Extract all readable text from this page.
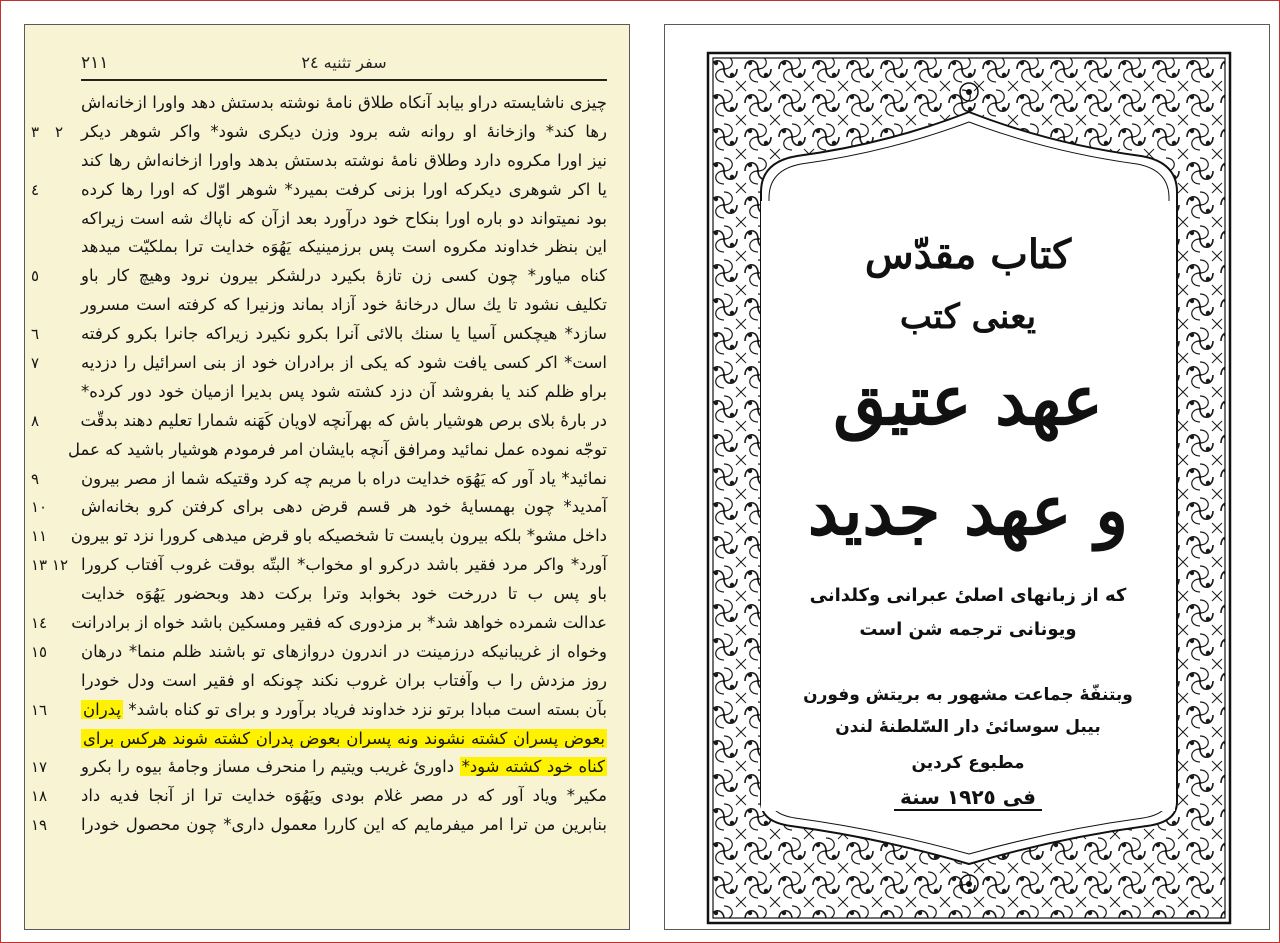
٢١١	سفر تثنیه ٢٤
چیزی ناشایسته دراو بیابد آنکاه طلاق نامهٔ نوشته بدستش دهد واورا ازخانه‌اش
٢ ٣ رها کند* وازخانهٔ او روانه شه برود وزن دیکری شود* واکر شوهر دیکر
نیز اورا مکروه دارد وطلاق نامهٔ نوشته بدستش بدهد واورا ازخانه‌اش رها کند
٤	یا اکر شوهری دیکرکه اورا بزنی کرفت بمیرد* شوهر اوّل که اورا رها کرده
بود نمیتواند دو باره اورا بنکاح خود درآورد بعد ازآن که ناپاك شه است زیراکه
این بنظر خداوند مکروه است پس برزمینیکه یَهُوَه خدایت ترا بملکیّت میدهد
٥	کناه میاور* چون کسی زن تازهٔ بکیرد درلشکر بیرون نرود وهیچ کار باو
تکلیف نشود تا یك سال درخانهٔ خود آزاد بماند وزنیرا که کرفته است مسرور
٦	سازد* هیچکس آسیا یا سنك بالائی آنرا بکرو نکیرد زیراکه جانرا بکرو کرفته
٧	است* اکر کسی یافت شود که یکی از برادران خود از بنی اسرائیل را دزدیه
براو ظلم کند یا بفروشد آن دزد کشته شود پس بدیرا ازمیان خود دور کرده*
٨	در بارهٔ بلای برص هوشیار باش که بهرآنچه لاویان کَهَنه شمارا تعلیم دهند بدقّت
توجّه نموده عمل نمائید ومرافق آنچه بایشان امر فرمودم هوشیار باشید که عمل
٩	نمائید* یاد آور که یَهُوَه خدایت دراه با مریم چه کرد وقتیکه شما از مصر بیرون
١٠	آمدید* چون بهمسایهٔ خود هر قسم قرض دهی برای کرفتن کرو بخانه‌اش
١١	داخل مشو* بلکه بیرون بایست تا شخصیکه باو قرض میدهی کرورا نزد تو بیرون
١٢ ١٣ آورد* واکر مرد فقیر باشد درکرو او مخواب* البتّه بوقت غروب آفتاب کرورا
باو پس ب تا دررخت خود بخوابد وترا برکت دهد وبحضور یَهُوَه خدایت
١٤	عدالت شمرده خواهد شد* بر مزدوری که فقیر ومسکین باشد خواه از برادرانت
١٥	وخواه از غریبانیکه درزمینت در اندرون دروازهای تو باشند ظلم منما* درهان
روز مزدش را ب وآفتاب بران غروب نکند چونکه او فقیر است ودل خودرا
١٦	بآن بسته است مبادا برتو نزد خداوند فریاد برآورد و برای تو کناه باشد* پدران
بعوض پسران کشته نشوند ونه پسران بعوض پدران کشته شوند هرکس برای
١٧	کناه خود کشته شود* داوریٔ غریب ویتیم را منحرف مساز وجامهٔ بیوه را بکرو
١٨	مکیر* ویاد آور که در مصر غلام بودی ویَهُوَه خدایت ترا از آنجا فدیه داد
١٩	بنابرین من ترا امر میفرمایم که این کاررا معمول داری* چون محصول خودرا
کتاب مقدّس
یعنی کتب
عهد عتیق
و عهد جدید
که از زبانهای اصلیٔ عبرانی وکلدانی
ویونانی ترجمه شن است
وبتنفّهٔ جماعت مشهور به بریتش وفورن
بیبل سوسائیٔ دار السّلطنهٔ لندن
مطبوع کردین
فی ١٩٢٥ سنة
